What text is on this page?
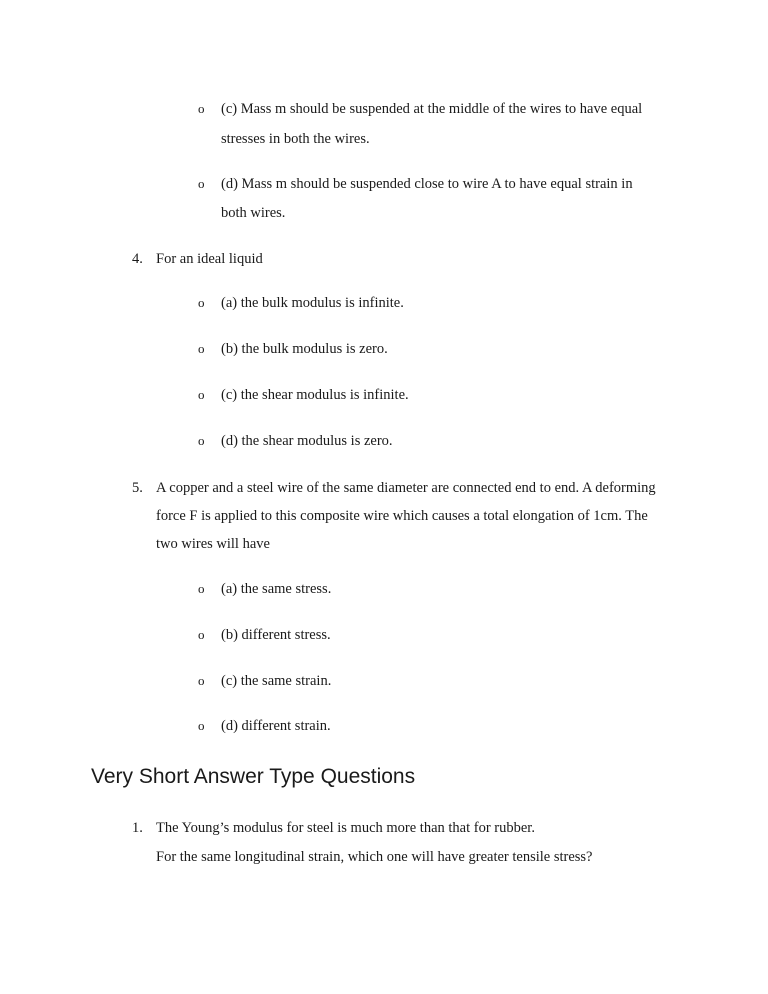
o (c) Mass m should be suspended at the middle of the wires to have equal
stresses in both the wires.
o (d) Mass m should be suspended close to wire A to have equal strain in
both wires.
4. For an ideal liquid
o (a) the bulk modulus is infinite.
o (b) the bulk modulus is zero.
o (c) the shear modulus is infinite.
o (d) the shear modulus is zero.
5. A copper and a steel wire of the same diameter are connected end to end. A deforming
force F is applied to this composite wire which causes a total elongation of 1cm. The
two wires will have
o (a) the same stress.
o (b) different stress.
o (c) the same strain.
o (d) different strain.
Very Short Answer Type Questions
1. The Young’s modulus for steel is much more than that for rubber.
For the same longitudinal strain, which one will have greater tensile stress?
